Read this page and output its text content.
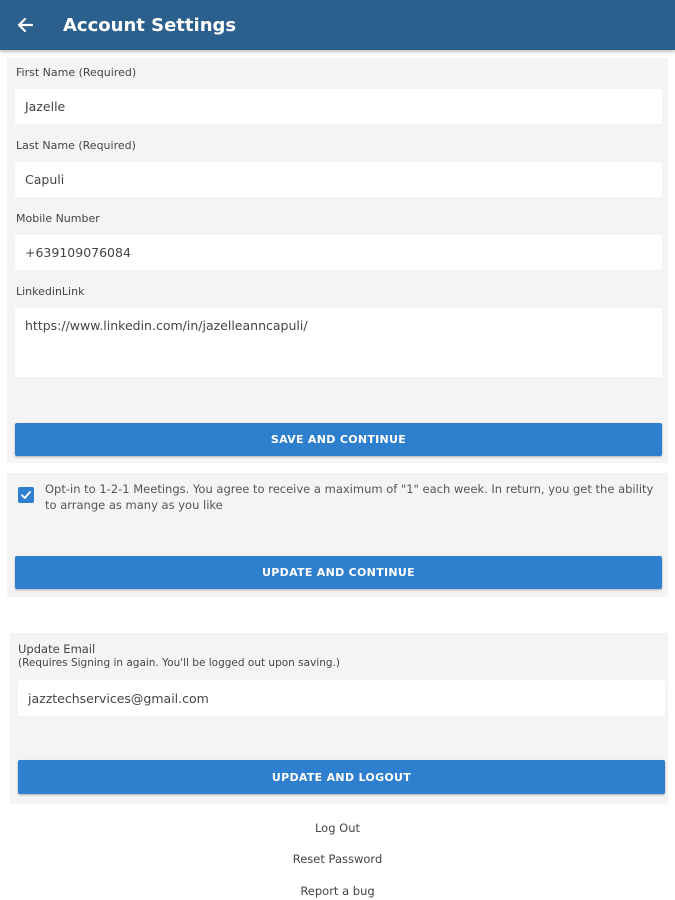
Account Settings
First Name (Required)
Jazelle
Last Name (Required)
Capuli
Mobile Number
+639109076084
LinkedinLink
https://www.linkedin.com/in/jazelleanncapuli/
SAVE AND CONTINUE
Opt-in to 1-2-1 Meetings. You agree to receive a maximum of "1" each week. In return, you get the ability to arrange as many as you like
UPDATE AND CONTINUE
Update Email
(Requires Signing in again. You'll be logged out upon saving.)
jazztechservices@gmail.com
UPDATE AND LOGOUT
Log Out
Reset Password
Report a bug
